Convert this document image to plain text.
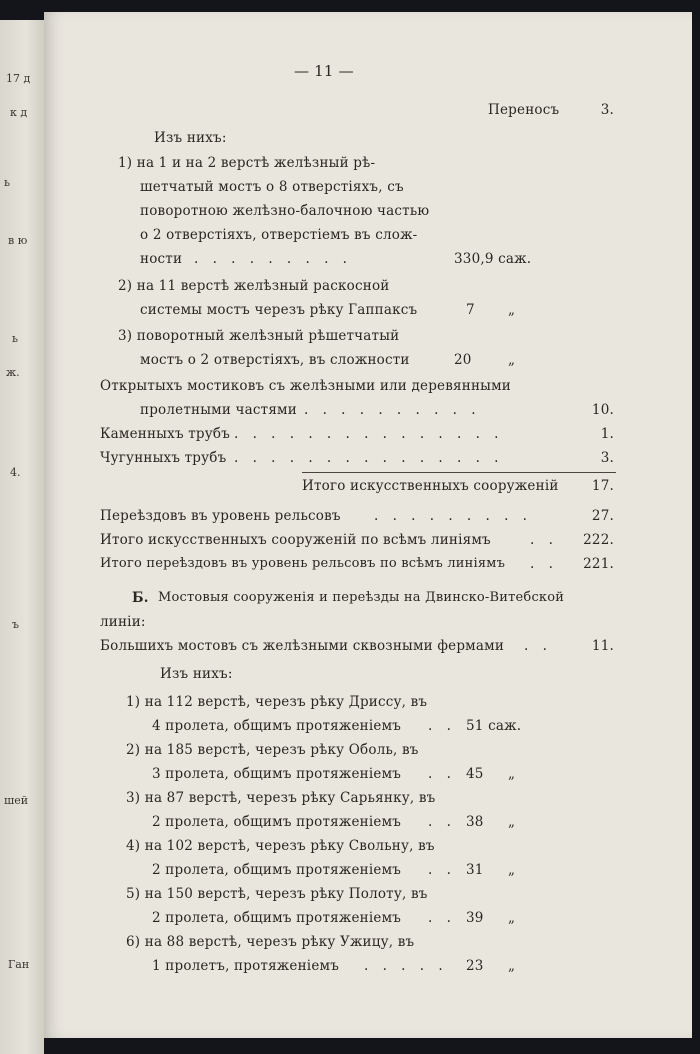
17 д
к д
ь
в ю
ь
ж.
4.
ъ
шей
Ган
— 11 —
Переносъ	3.
Изъ нихъ:
1) на 1 и на 2 верстѣ желѣзный рѣ-
шетчатый мостъ о 8 отверстіяхъ, съ
поворотною желѣзно-балочною частью
о 2 отверстіяхъ, отверстіемъ въ слож-
ности . . . . . . . . .	330,9 саж.
2) на 11 верстѣ желѣзный раскосной
системы мостъ черезъ рѣку Гаппаксъ	7 „
3) поворотный желѣзный рѣшетчатый
мостъ о 2 отверстіяхъ, въ сложности	20	„
Открытыхъ мостиковъ съ желѣзными или деревянными
пролетными частями . . . . . . . . . .	10.
Каменныхъ трубъ . . . . . . . . . . . . . . .	1.
Чугунныхъ трубъ . . . . . . . . . . . . . . .	3.
Итого искусственныхъ сооруженій	17.
Переѣздовъ въ уровень рельсовъ . . . . . . . . .	27.
Итого искусственныхъ сооруженій по всѣмъ линіямъ	. .	222.
Итого переѣздовъ въ уровень рельсовъ по всѣмъ линіямъ . .	221.
Б. Мостовыя сооруженія и переѣзды на Двинско-Витебской
линіи:
Большихъ мостовъ съ желѣзными сквозными фермами . .	11.
Изъ нихъ:
1) на 112 верстѣ, черезъ рѣку Дриссу, въ
4 пролета, общимъ протяженіемъ . . 51 саж.
2) на 185 верстѣ, черезъ рѣку Оболь, въ
3 пролета, общимъ протяженіемъ . . 45 „
3) на 87 верстѣ, черезъ рѣку Сарьянку, въ
2 пролета, общимъ протяженіемъ . . 38 „
4) на 102 верстѣ, черезъ рѣку Свольну, въ
2 пролета, общимъ протяженіемъ . . 31 „
5) на 150 верстѣ, черезъ рѣку Полоту, въ
2 пролета, общимъ протяженіемъ . . 39 „
6) на 88 верстѣ, черезъ рѣку Ужицу, въ
1 пролетъ, протяженіемъ . . . . . 23 „
